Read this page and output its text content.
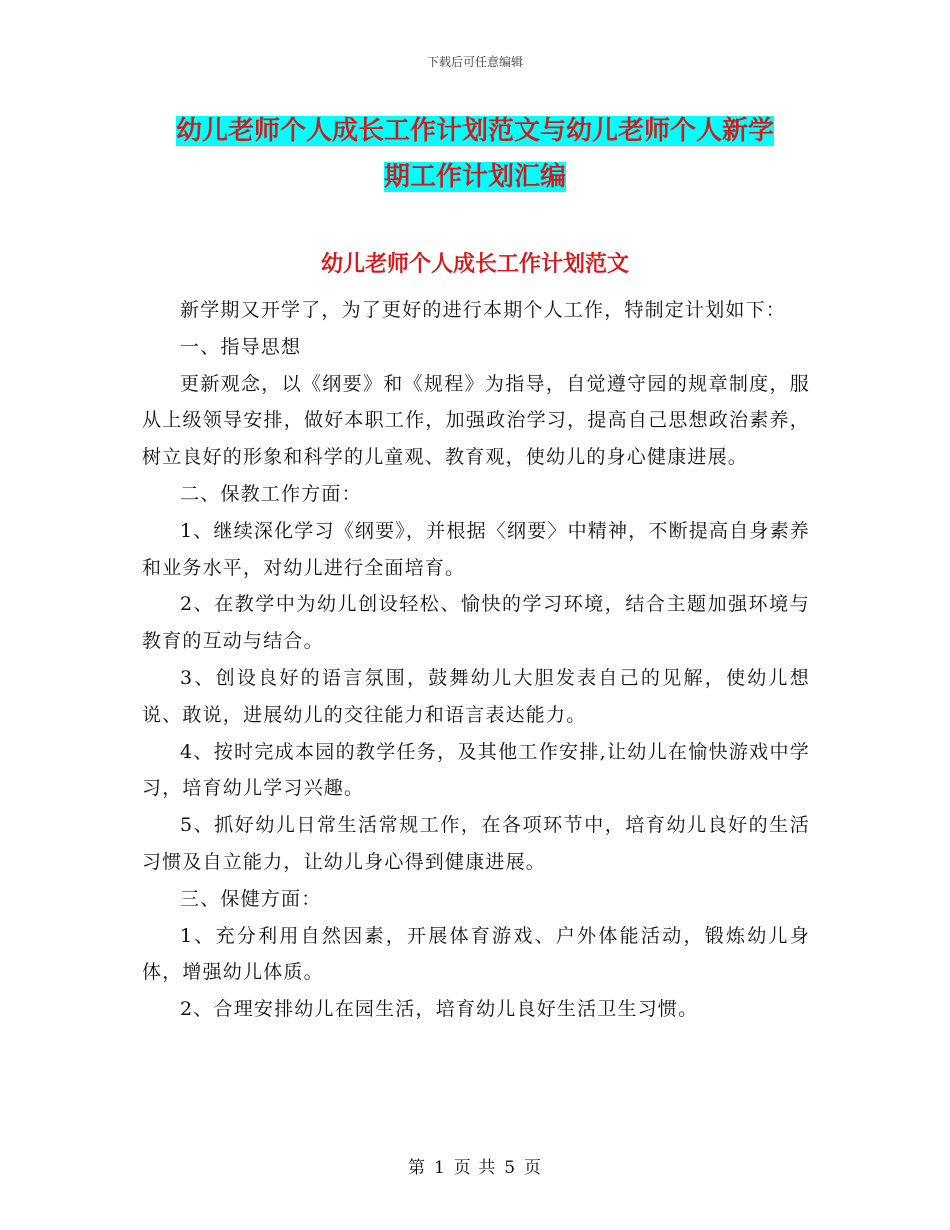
下载后可任意编辑
幼儿老师个人成长工作计划范文与幼儿老师个人新学
期工作计划汇编
幼儿老师个人成长工作计划范文

新学期又开学了，为了更好的进行本期个人工作，特制定计划如下：

一、指导思想

更新观念，以《纲要》和《规程》为指导，自觉遵守园的规章制度，服从上级领导安排，做好本职工作，加强政治学习，提高自己思想政治素养，树立良好的形象和科学的儿童观、教育观，使幼儿的身心健康进展。

二、保教工作方面：

1、继续深化学习《纲要》，并根据〈纲要〉中精神，不断提高自身素养和业务水平，对幼儿进行全面培育。

2、在教学中为幼儿创设轻松、愉快的学习环境，结合主题加强环境与教育的互动与结合。

3、创设良好的语言氛围，鼓舞幼儿大胆发表自己的见解，使幼儿想说、敢说，进展幼儿的交往能力和语言表达能力。

4、按时完成本园的教学任务，及其他工作安排,让幼儿在愉快游戏中学习，培育幼儿学习兴趣。

5、抓好幼儿日常生活常规工作，在各项环节中，培育幼儿良好的生活习惯及自立能力，让幼儿身心得到健康进展。

三、保健方面：

1、充分利用自然因素，开展体育游戏、户外体能活动，锻炼幼儿身体，增强幼儿体质。

2、合理安排幼儿在园生活，培育幼儿良好生活卫生习惯。

第 1 页 共 5 页
